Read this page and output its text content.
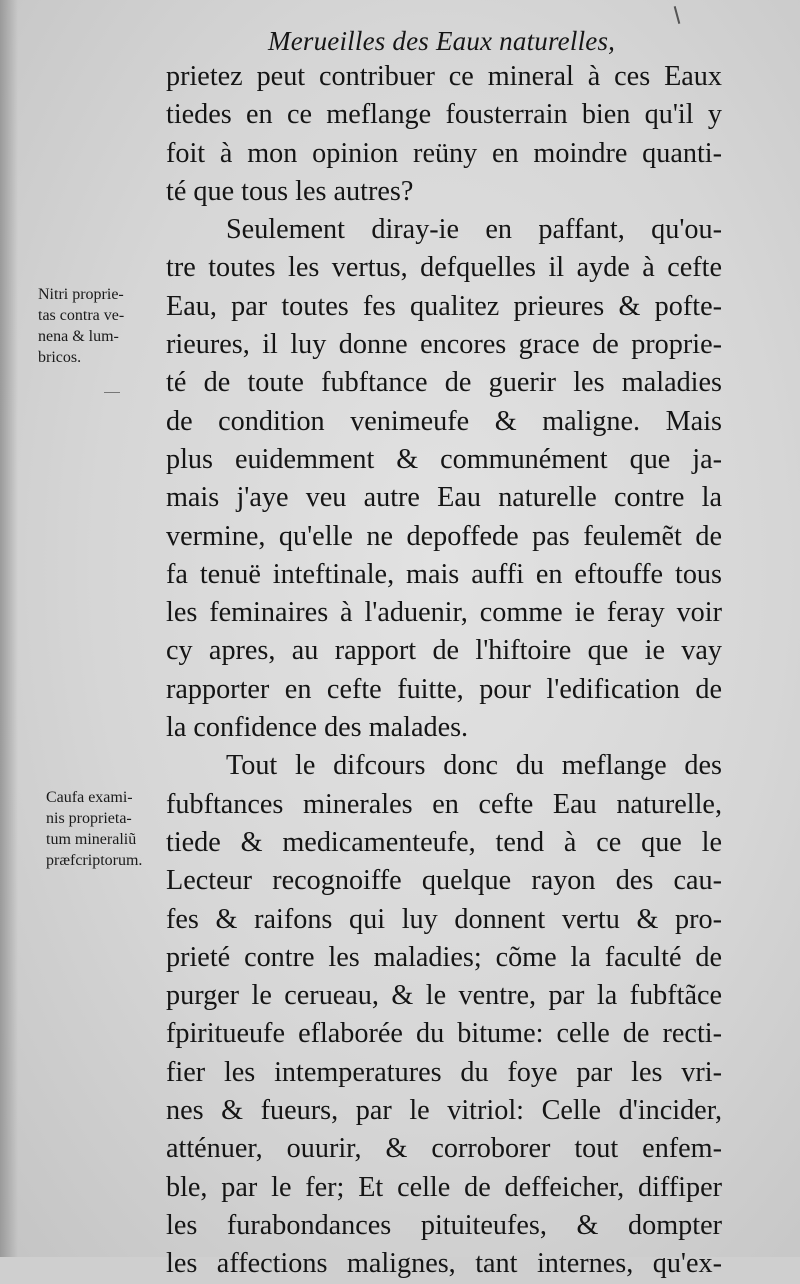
Merueilles des Eaux naturelles,
Nitri proprie-
tas contra ve-
nena & lum-
bricos.
Caufa exami-
nis proprieta-
tum mineraliũ
præfcriptorum.
prietez peut contribuer ce mineral à ces Eaux
tiedes en ce meflange fousterrain bien qu'il y
foit à mon opinion reüny en moindre quanti-
té que tous les autres?
Seulement diray-ie en paffant, qu'ou-
tre toutes les vertus, defquelles il ayde à cefte
Eau, par toutes fes qualitez prieures & pofte-
rieures, il luy donne encores grace de proprie-
té de toute fubftance de guerir les maladies
de condition venimeufe & maligne. Mais
plus euidemment & communément que ja-
mais j'aye veu autre Eau naturelle contre la
vermine, qu'elle ne depoffede pas feulemẽt de
fa tenuë inteftinale, mais auffi en eftouffe tous
les feminaires à l'aduenir, comme ie feray voir
cy apres, au rapport de l'hiftoire que ie vay
rapporter en cefte fuitte, pour l'edification de
la confidence des malades.
Tout le difcours donc du meflange des
fubftances minerales en cefte Eau naturelle,
tiede & medicamenteufe, tend à ce que le
Lecteur recognoiffe quelque rayon des cau-
fes & raifons qui luy donnent vertu & pro-
prieté contre les maladies; cõme la faculté de
purger le cerueau, & le ventre, par la fubftãce
fpiritueufe eflaborée du bitume: celle de recti-
fier les intemperatures du foye par les vri-
nes & fueurs, par le vitriol: Celle d'incider,
atténuer, ouurir, & corroborer tout enfem-
ble, par le fer; Et celle de deffeicher, diffiper
les furabondances pituiteufes, & dompter
les affections malignes, tant internes, qu'ex-
